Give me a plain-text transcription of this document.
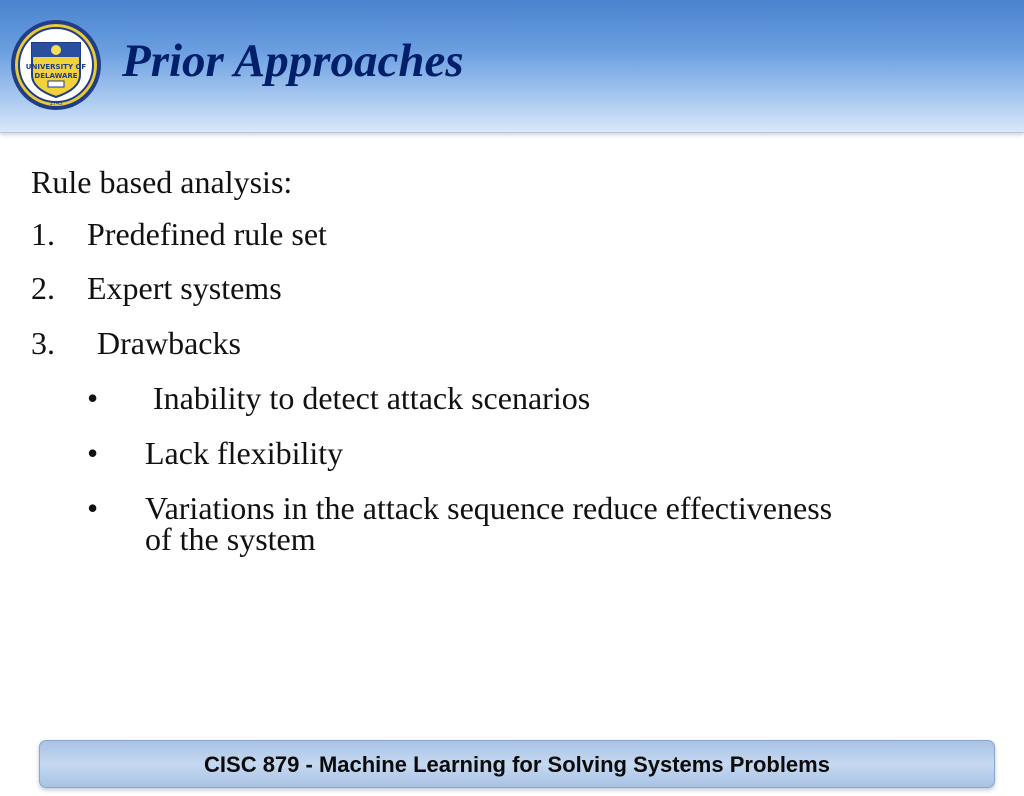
UNIVERSITY OF
DELAWARE
1743
Prior Approaches
Rule based analysis:
1. Predefined rule set
2. Expert systems
3. Drawbacks
• Inability to detect attack scenarios
• Lack flexibility
• Variations in the attack sequence reduce effectiveness
of the system
CISC 879 - Machine Learning for Solving Systems Problems
